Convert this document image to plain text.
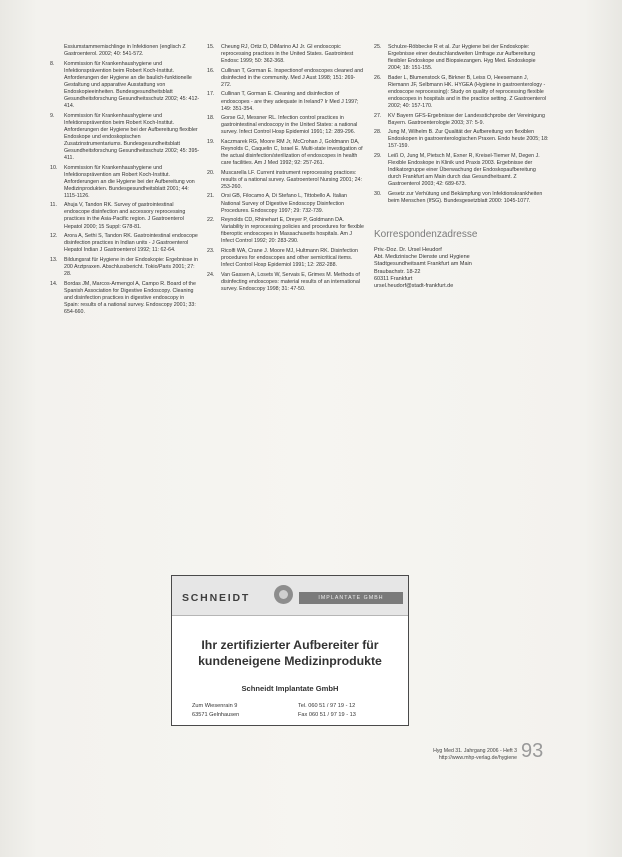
Essiumstammemischlinge in Infektionen (englisch Z Gastroenterol. 2002; 40: 541-572.
8. Kommission für Krankenhaushygiene und Infektionsprävention beim Robert Koch-Institut. Anforderungen der Hygiene an die baulich-funktionelle Gestaltung und apparative Ausstattung von Endoskopieeinheiten. Bundesgesundheitsblatt Gesundheitsforschung Gesundheitsschutz 2002; 45: 412-414.
9. Kommission für Krankenhaushygiene und Infektionsprävention beim Robert Koch-Institut. Anforderungen der Hygiene bei der Aufbereitung flexibler Endoskope und endoskopischen Zusatzinstrumentariums. Bundesgesundheitsblatt Gesundheitsforschung Gesundheitsschutz 2002; 45: 395-411.
10. Kommission für Krankenhaushygiene und Infektionsprävention am Robert Koch-Institut. Anforderungen an die Hygiene bei der Aufbereitung von Medizinprodukten. Bundesgesundheitsblatt 2001; 44: 1115-1126.
11. Ahuja V, Tandon RK. Survey of gastrointestinal endoscope disinfection and accessory reprocessing practices in the Asia-Pacific region. J Gastroenterol Hepatol 2000; 15 Suppl: G78-81.
12. Arora A, Sethi S, Tandon RK. Gastrointestinal endoscope disinfection practices in Indian units - J Gastroenterol Hepatol Indian J Gastroenterol 1992; 11: 62-64.
13. Bildungsrat für Hygiene in der Endoskopie: Ergebnisse in 200 Arztpraxen. Abschlussbericht. Tokio/Paris 2001; 27: 28.
14. Bordas JM, Marcos-Armengol A, Campo R. Board of the Spanish Association for Digestive Endoscopy. Cleaning and disinfection practices in digestive endoscopy in Spain: results of a national survey. Endoscopy 2001; 33: 654-660.
15. Cheung RJ, Ortiz D, DiMarino AJ Jr. GI endoscopic reprocessing practices in the United States. Gastrointest Endosc 1999; 50: 362-368.
16. Cullinan T, Gorman E. Inspectionof endoscopes cleaned and disinfected in the community. Med J Aust 1998; 151: 269-272.
17. Cullinan T, Gorman E. Cleaning and disinfection of endoscopes - are they adequate in Ireland? Ir Med J 1997; 149: 351-354.
18. Gorse GJ, Messner RL. Infection control practices in gastrointestinal endoscopy in the United States: a national survey. Infect Control Hosp Epidemiol 1991; 12: 289-296.
19. Kaczmarek RG, Moore RM Jr, McCrohan J, Goldmann DA, Reynolds C, Caquelin C, Israel E. Multi-state investigation of the actual disinfection/sterilization of endoscopes in health care facilities. Am J Med 1992; 92: 257-261.
20. Muscarella LF. Current instrument reprocessing practices: results of a national survey. Gastroenterol Nursing 2001; 24: 253-260.
21. Orsi GB, Filocamo A, Di Stefano L, Tittobello A. Italian National Survey of Digestive Endoscopy Disinfection Procedures. Endoscopy 1997; 29: 732-739.
22. Reynolds CD, Rhinehart E, Dreyer P, Goldmann DA. Variability in reprocessing policies and procedures for flexible fiberoptic endoscopes in Massachusetts hospitals. Am J Infect Control 1992; 20: 283-290.
23. Ricolfi WA, Crane J. Moore MJ, Hultmann RK. Disinfection procedures for endoscopes and other semicritical items. Infect Control Hosp Epidemiol 1991; 12: 282-288.
24. Van Gassen A, Losets W, Servais E, Grimes M. Methods of disinfecting endoscopes: material results of an international survey. Endoscopy 1998; 31: 47-50.
25. Schulze-Röbbecke R et al. Zur Hygiene bei der Endoskopie: Ergebnisse einer deutschlandweiten Umfrage zur Aufbereitung flexibler Endoskope und Biopsiezangen. Hyg Med. Endoskopie 2004; 18: 151-155.
26. Bader L, Blumenstock G, Birkner B, Leiss O, Heesemann J, Riemann JF, Selbmann HK. HYGEA (Hygiene in gastroenterology - endoscope reprocessing): Study on quality of reprocessing flexible endoscopes in hospitals and in the practice setting. Z Gastroenterol 2002; 40: 157-170.
27. KV Bayern GFS-Ergebnisse der Landesstichprobe der Vereinigung Bayern. Gastroenterologie 2003; 37: 5-9.
28. Jung M, Wilhelm B. Zur Qualität der Aufbereitung von flexiblen Endoskopen in gastroenterologischen Praxen. Endo heute 2005; 18: 157-159.
29. Leiß O, Jung M, Pietsch M, Exner R, Kreisel-Tiemer M, Degen J. Flexible Endoskope in Klinik und Praxis 2003. Ergebnisse der Indikatorgruppe einer Überwachung der Endoskopaufbereitung durch Frankfurt am Main durch das Gesundheitsamt. Z Gastroenterol 2003; 42: 689-673.
30. Gesetz zur Verhütung und Bekämpfung von Infektionskrankheiten beim Menschen (IfSG). Bundesgesetzblatt 2000: 1045-1077.
Korrespondenzadresse
Priv.-Doz. Dr. Ursel Heudorf
Abt. Medizinische Dienste und Hygiene
Stadtgesundheitsamt Frankfurt am Main
Braubachstr. 18-22
60311 Frankfurt
ursel.heudorf@stadt-frankfurt.de
SCHNEIDT	IMPLANTATE GMBH
Ihr zertifizierter Aufbereiter für
kundeneigene Medizinprodukte
Schneidt Implantate GmbH
Zum Wiesenrain 9
63571 Gelnhausen
Tel. 060 51 / 97 19 - 12
Fax 060 51 / 97 19 - 13
Hyg Med 31. Jahrgang 2006 - Heft 3
http://www.mhp-verlag.de/hygiene 93
